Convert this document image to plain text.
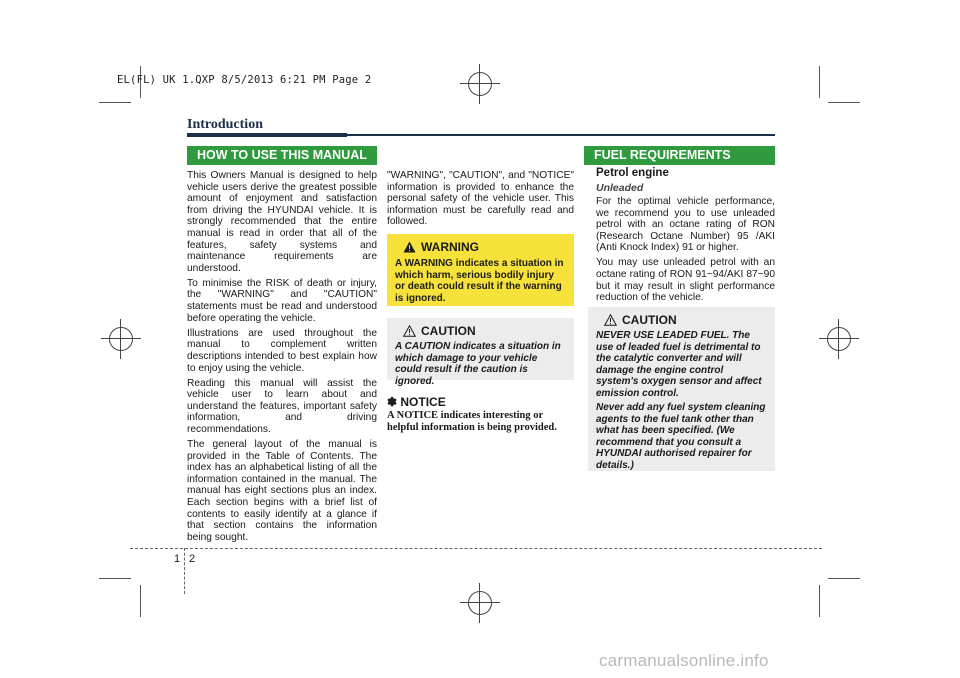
EL(FL) UK 1.QXP 8/5/2013 6:21 PM Page 2
Introduction
HOW TO USE THIS MANUAL

This Owners Manual is designed to help vehicle users derive the greatest possible amount of enjoyment and satisfaction from driving the HYUNDAI vehicle. It is strongly recommended that the entire manual is read in order that all of the features, safety systems and maintenance requirements are understood.

To minimise the RISK of death or injury, the "WARNING" and "CAUTION" statements must be read and understood before operating the vehicle.

Illustrations are used throughout the manual to complement written descriptions intended to best explain how to enjoy using the vehicle.

Reading this manual will assist the vehicle user to learn about and understand the features, important safety information, and driving recommendations.

The general layout of the manual is provided in the Table of Contents. The index has an alphabetical listing of all the information contained in the manual. The manual has eight sections plus an index. Each section begins with a brief list of contents to easily identify at a glance if that section contains the information being sought.

"WARNING", "CAUTION", and "NOTICE" information is provided to enhance the personal safety of the vehicle user. This information must be carefully read and followed.

WARNING
A WARNING indicates a situation in which harm, serious bodily injury or death could result if the warning is ignored.
CAUTION
A CAUTION indicates a situation in which damage to your vehicle could result if the caution is ignored.
✽ NOTICE
A NOTICE indicates interesting or helpful information is being provided.
FUEL REQUIREMENTS
Petrol engine
Unleaded

For the optimal vehicle performance, we recommend you to use unleaded petrol with an octane rating of RON (Research Octane Number) 95 /AKI (Anti Knock Index) 91 or higher.

You may use unleaded petrol with an octane rating of RON 91~94/AKI 87~90 but it may result in slight performance reduction of the vehicle.

CAUTION

NEVER USE LEADED FUEL. The use of leaded fuel is detrimental to the catalytic converter and will damage the engine control system's oxygen sensor and affect emission control.

Never add any fuel system cleaning agents to the fuel tank other than what has been specified. (We recommend that you consult a HYUNDAI authorised repairer for details.)

1 2
carmanualsonline.info
